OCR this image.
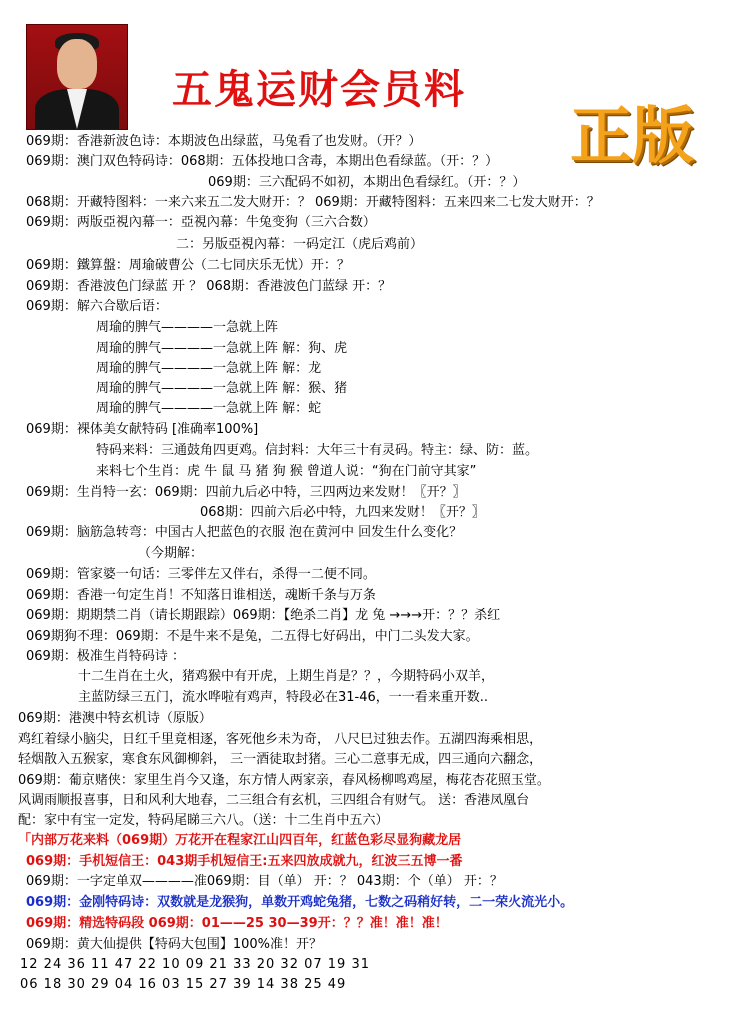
五鬼运财会员料
正版
069期：香港新波色诗：本期波色出绿蓝，马兔看了也发财。（开？）
069期：澳门双色特码诗：068期：五体投地口含毒，本期出色看绿蓝。（开：？）
069期：三六配码不如初，本期出色看绿红。（开：？）
068期：开藏特图料：一来六来五二发大财开：？ 069期：开藏特图料：五来四来二七发大财开：？
069期：两版亞視內幕一：亞視內幕：牛兔变狗（三六合数）
二：另版亞視內幕：一码定江（虎后鸡前）
069期：鐵算盤：周瑜破曹公（二七同庆乐无忧）开：？
069期：香港波色门绿蓝 开 ？ 068期：香港波色门蓝绿 开：？
069期：解六合歇后语：
周瑜的脾气————一急就上阵
周瑜的脾气————一急就上阵 解：狗、虎
周瑜的脾气————一急就上阵 解：龙
周瑜的脾气————一急就上阵 解：猴、猪
周瑜的脾气————一急就上阵 解：蛇
069期：裸体美女献特码 [准确率100%]
特码来料：三通鼓角四更鸡。信封料：大年三十有灵码。特主：绿、防：蓝。
来料七个生肖：虎 牛 鼠 马 猪 狗 猴 曾道人说：“狗在门前守其家”
069期：生肖特一玄：069期：四前九后必中特，三四两边来发财！〖开？〗
068期：四前六后必中特，九四来发财！〖开？〗
069期：脑筋急转弯：中国古人把蓝色的衣服 泡在黄河中 回发生什么变化？
（今期解：
069期：管家婆一句话：三零伴左又伴右，杀得一二便不同。
069期：香港一句定生肖！不知落日谁相送，魂断千条与万条
069期：期期禁二肖（请长期跟踪）069期：【绝杀二肖】龙 兔 →→→开：？？杀红
069期狗不理：069期：不是牛来不是兔，二五得七好码出，中门二头发大家。
069期：极准生肖特码诗 ：
十二生肖在土火，猪鸡猴中有开虎，上期生肖是？？，今期特码小双羊，
主蓝防绿三五门，流水哗啦有鸡声，特段必在31-46，一一看来重开数..
069期：港澳中特玄机诗（原版）
鸡红着绿小脑尖，日红千里竟相逐，客死他乡未为奇， 八尺巳过独去作。五湖四海乘相思，
轻烟散入五猴家，寒食东风御柳斜， 三一酒徒取封猪。三心二意事无成，四三通向六翻念，
069期：葡京赌侠：家里生肖今又逢，东方情人两家亲，春风杨柳鸣鸡屋，梅花杏花照玉堂。
风调雨顺报喜事，日和风利大地春，二三组合有玄机，三四组合有财气。 送：香港凤凰台
配：家中有宝一定发，特码尾睇三六八。（送：十二生肖中五六）
「内部万花来料（069期）万花开在程家江山四百年，红蓝色彩尽显狗藏龙居
069期：手机短信王：043期手机短信王:五来四放成就九，红波三五博一番
069期：一字定单双————准069期：目（单） 开：？ 043期：个（单） 开：？
069期：金刚特码诗：双数就是龙猴狗，单数开鸡蛇兔猪，七数之码稍好转，二一荣火流光小。
069期：精选特码段 069期：01——25 30—39开：？？准！准！准！
069期：黄大仙提供【特码大包围】100%准！开？
12 24 36 11 47 22 10 09 21 33 20 32 07 19 31
06 18 30 29 04 16 03 15 27 39 14 38 25 49
